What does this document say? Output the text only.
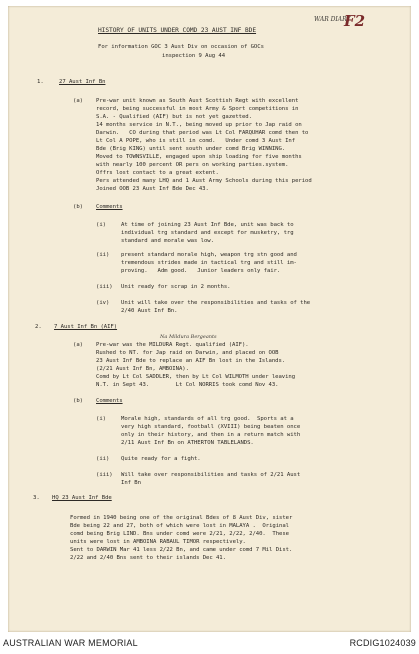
WAR DIARY
F2
HISTORY OF UNITS UNDER COMD 23 AUST INF BDE
For information GOC 3 Aust Div on occasion of GOCs
inspection 9 Aug 44
1.	27 Aust Inf Bn
(a) Pre-war unit known as South Aust Scottish Regt with excellent
record, being successful in most Army & Sport competitions in
S.A. - Qualified (AIF) but is not yet gazetted.
14 months service in N.T., being moved up prior to Jap raid on
Darwin.   CO during that period was Lt Col FARQUHAR comd then to
Lt Col A POPE, who is still in comd.   Under comd 3 Aust Inf
Bde (Brig KING) until sent south under comd Brig WINNING.
Moved to TOWNSVILLE, engaged upon ship loading for five months
with nearly 100 percent OR pers on working parties.system.
Offrs lost contact to a great extent.
Pers attended many LHQ and 1 Aust Army Schools during this period
Joined OOB 23 Aust Inf Bde Dec 43.
(b) Comments
(i)	At time of joining 23 Aust Inf Bde, unit was back to
individual trg standard and except for musketry, trg
standard and morale was low.
(ii) present standard morale high, weapon trg stn good and
tremendous strides made in tactical trg and still im-
proving.   Adm good.   Junior leaders only fair.
(iii) Unit ready for scrap in 2 months.
(iv) Unit will take over the responsibilities and tasks of the
2/40 Aust Inf Bn.
2. 7 Aust Inf Bn (AIF)
Na Mildura Bergeants
(a) Pre-war was the MILDURA Regt. qualified (AIF).
Rushed to NT. for Jap raid on Darwin, and placed on OOB
23 Aust Inf Bde to replace an AIF Bn lost in the Islands.
(2/21 Aust Inf Bn, AMBOINA).
Comd by Lt Col SADDLER, then by Lt Col WILMOTH under leaving
N.T. in Sept 43.        Lt Col NORRIS took comd Nov 43.
(b) Comments
(i)	Morale high, standards of all trg good.  Sports at a
very high standard, football (XVIII) being beaten once
only in their history, and then in a return match with
2/11 Aust Inf Bn on ATHERTON TABLELANDS.
(ii) Quite ready for a fight.
(iii) Will take over responsibilities and tasks of 2/21 Aust
Inf Bn
3. HQ 23 Aust Inf Bde
Formed in 1940 being one of the original Bdes of 8 Aust Div, sister
Bde being 22 and 27, both of which were lost in MALAYA .  Original
comd being Brig LIND. Bns under comd were 2/21, 2/22, 2/40.  These
units were lost in AMBOINA RABAUL TIMOR respectively.
Sent to DARWIN Mar 41 less 2/22 Bn, and came under comd 7 Mil Dist.
2/22 and 2/40 Bns sent to their islands Dec 41.
AUSTRALIAN WAR MEMORIAL	RCDIG1024039
